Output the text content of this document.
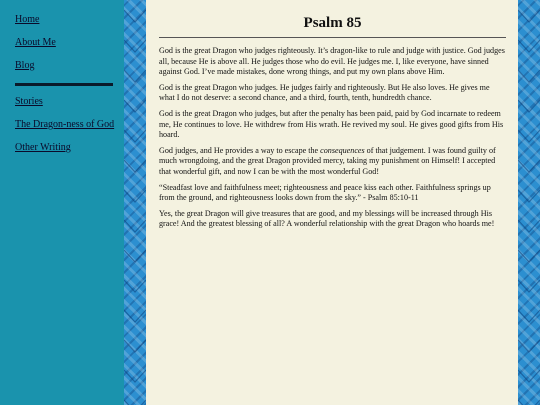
Home
About Me
Blog
Stories
The Dragon-ness of God
Other Writing
Psalm 85

God is the great Dragon who judges righteously. It’s dragon-like to rule and judge with justice. God judges all, because He is above all. He judges those who do evil. He judges me. I, like everyone, have sinned against God. I’ve made mistakes, done wrong things, and put my own plans above Him.

God is the great Dragon who judges. He judges fairly and righteously. But He also loves. He gives me what I do not deserve: a second chance, and a third, fourth, tenth, hundredth chance.

God is the great Dragon who judges, but after the penalty has been paid, paid by God incarnate to redeem me, He continues to love. He withdrew from His wrath. He revived my soul. He gives good gifts from His hoard.

God judges, and He provides a way to escape the consequences of that judgement. I was found guilty of much wrongdoing, and the great Dragon provided mercy, taking my punishment on Himself! I accepted that wonderful gift, and now I can be with the most wonderful God!

“Steadfast love and faithfulness meet; righteousness and peace kiss each other. Faithfulness springs up from the ground, and righteousness looks down from the sky.” - Psalm 85:10-11

Yes, the great Dragon will give treasures that are good, and my blessings will be increased through His grace! And the greatest blessing of all? A wonderful relationship with the great Dragon who hoards me!
